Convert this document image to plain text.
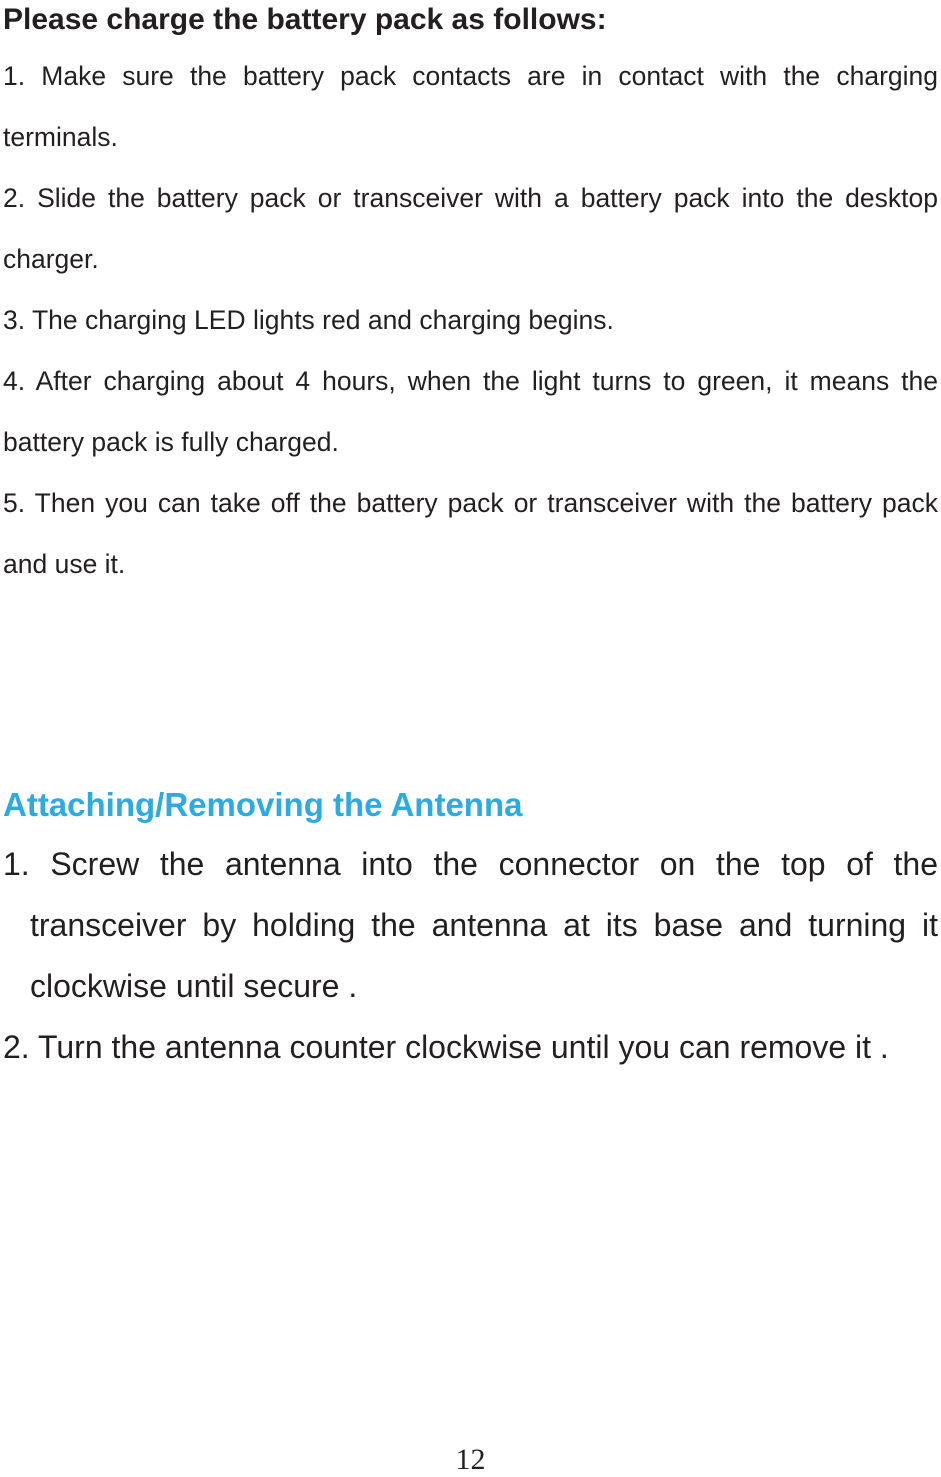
Please charge the battery pack as follows:
1. Make sure the battery pack contacts are in contact with the charging terminals.
2. Slide the battery pack or transceiver with a battery pack into the desktop charger.
3. The charging LED lights red and charging begins.
4. After charging about 4 hours, when the light turns to green, it means the battery pack is fully charged.
5. Then you can take off the battery pack or transceiver with the battery pack and use it.
Attaching/Removing the Antenna
1. Screw the antenna into the connector on the top of the transceiver by holding the antenna at its base and turning it clockwise until secure .
2. Turn the antenna counter clockwise until you can remove it .
12
